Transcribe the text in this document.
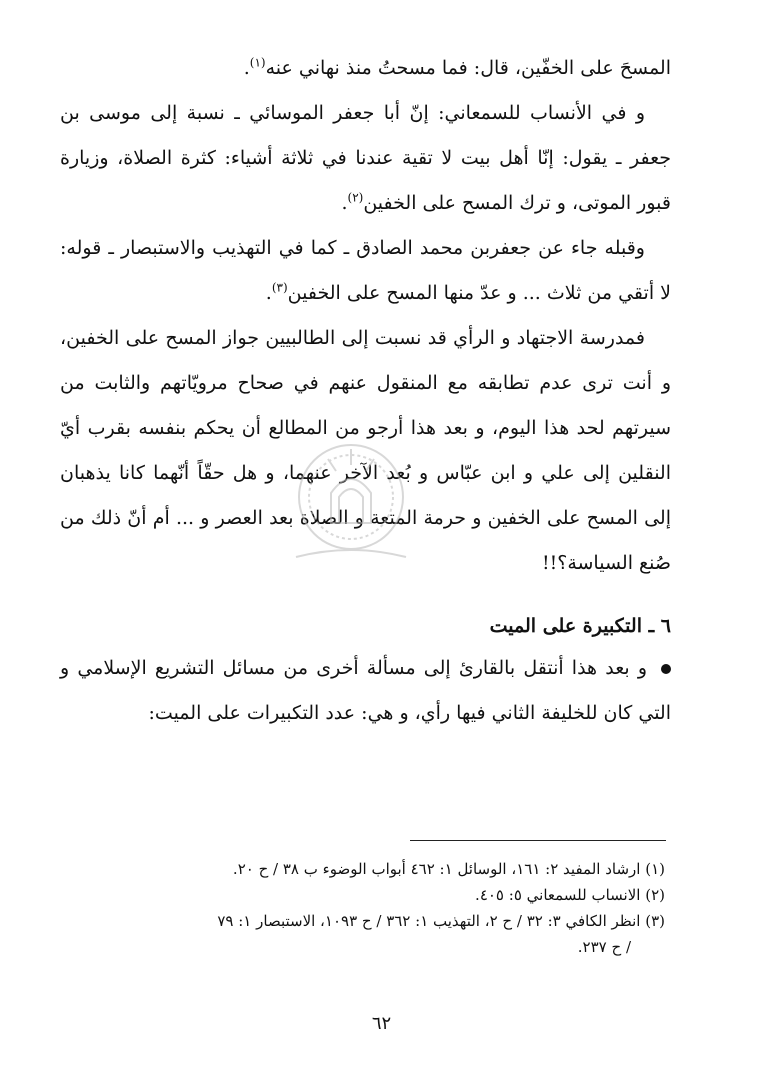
المسحَ على الخفّين، قال: فما مسحتُ منذ نهاني عنه$^{(١)}$.

و في الأنساب للسمعاني: إنّ أبا جعفر الموسائي ـ نسبة إلى موسى بن جعفر ـ يقول: إنّا أهل بيت لا تقية عندنا في ثلاثة أشياء: كثرة الصلاة، وزيارة قبور الموتى، و ترك المسح على الخفين$^{(٢)}$.

وقبله جاء عن جعفربن محمد الصادق ـ كما في التهذيب والاستبصار ـ قوله: لا أتقي من ثلاث ... و عدّ منها المسح على الخفين$^{(٣)}$.

فمدرسة الاجتهاد و الرأي قد نسبت إلى الطالبيين جواز المسح على الخفين، و أنت ترى عدم تطابقه مع المنقول عنهم في صحاح مرويّاتهم والثابت من سيرتهم لحد هذا اليوم، و بعد هذا أرجو من المطالع أن يحكم بنفسه بقرب أيّ النقلين إلى علي و ابن عبّاس و بُعد الآخر عنهما، و هل حقّاً أنّهما كانا يذهبان إلى المسح على الخفين و حرمة المتعة و الصلاة بعد العصر و ... أم أنّ ذلك من صُنع السياسة؟!!

٦ ـ التكبيرة على الميت

و بعد هذا أنتقل بالقارئ إلى مسألة أخرى من مسائل التشريع الإسلامي و التي كان للخليفة الثاني فيها رأي، و هي: عدد التكبيرات على الميت:

(١) ارشاد المفيد ٢: ١٦١، الوسائل ١: ٤٦٢ أبواب الوضوء ب ٣٨ / ح ٢٠.

(٢) الانساب للسمعاني ٥: ٤٠٥.

(٣) انظر الكافي ٣: ٣٢ / ح ٢، التهذيب ١: ٣٦٢ / ح ١٠٩٣، الاستبصار ١: ٧٩

/ ح ٢٣٧.

٦٢
